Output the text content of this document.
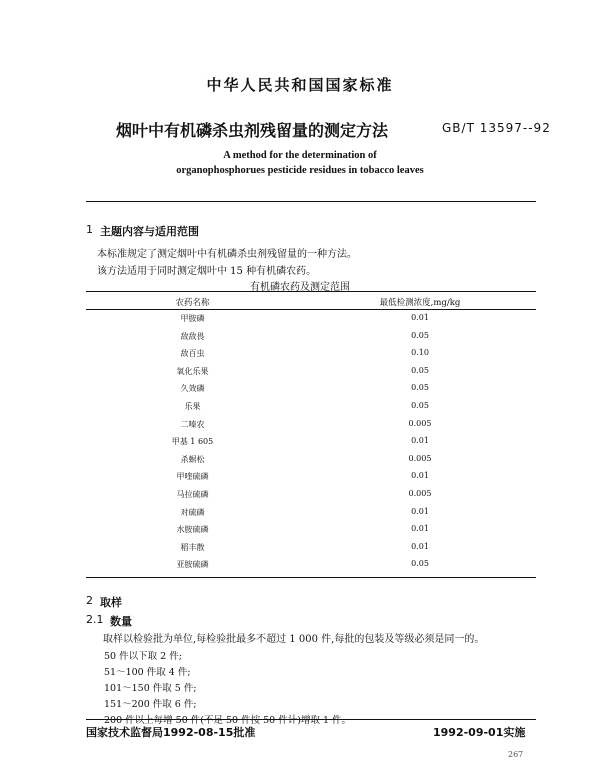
中华人民共和国国家标准
烟叶中有机磷杀虫剂残留量的测定方法	GB/T 13597--92
A method for the determination of
organophosphorues pesticide residues in tobacco leaves
1 主题内容与适用范围
本标准规定了测定烟叶中有机磷杀虫剂残留量的一种方法。
该方法适用于同时测定烟叶中 15 种有机磷农药。
有机磷农药及测定范围
农药名称	最低检测浓度,mg/kg
甲胺磷	0.01
敌敌畏	0.05
敌百虫	0.10
氧化乐果	0.05
久效磷	0.05
乐果	0.05
二嗪农	0.005
甲基 1 605	0.01
杀螟松	0.005
甲喹硫磷	0.01
马拉硫磷	0.005
对硫磷	0.01
水胺硫磷	0.01
稻丰散	0.01
亚胺硫磷	0.05
2 取样
2.1 数量
取样以检验批为单位,每检验批最多不超过 1 000 件,每批的包装及等级必须是同一的。
50 件以下取 2 件;
51～100 件取 4 件;
101～150 件取 5 件;
151～200 件取 6 件;
200 件以上每增 50 件(不足 50 件按 50 件计)增取 1 件。
国家技术监督局1992-08-15批准	1992-09-01实施
267
